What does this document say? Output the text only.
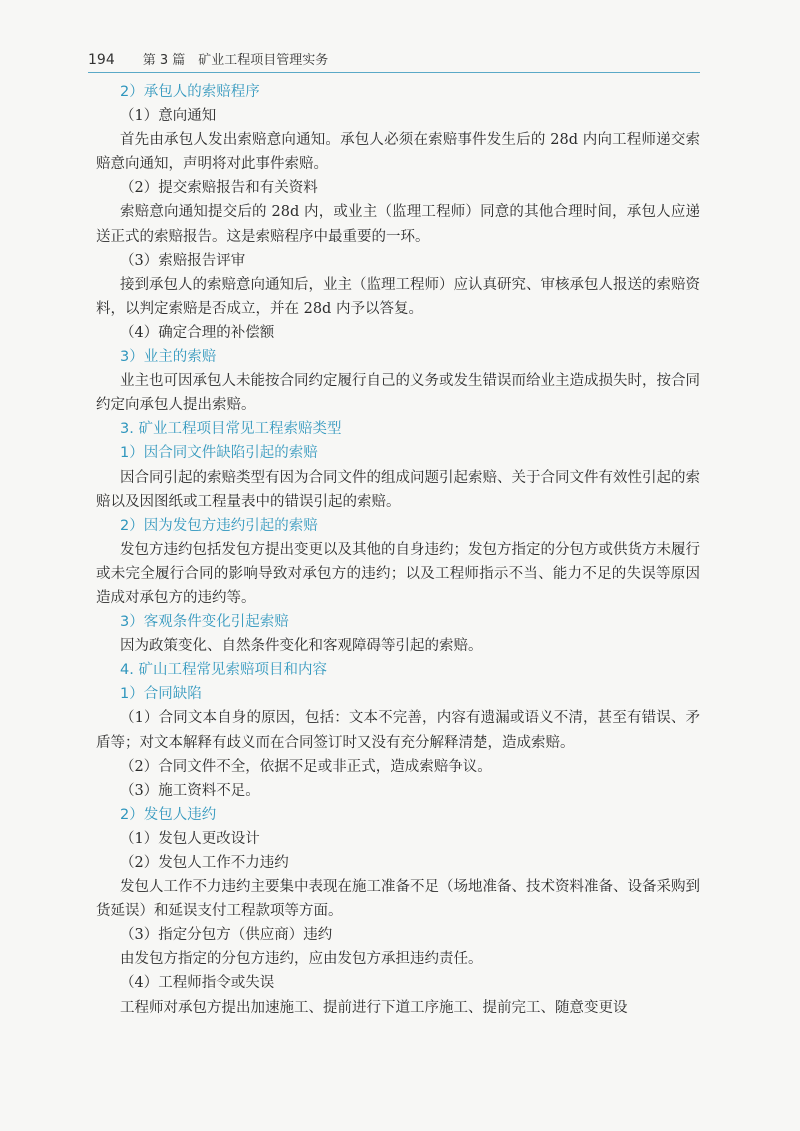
194 第 3 篇　矿业工程项目管理实务
2）承包人的索赔程序
（1）意向通知

首先由承包人发出索赔意向通知。承包人必须在索赔事件发生后的 28d 内向工程师递交索赔意向通知，声明将对此事件索赔。

（2）提交索赔报告和有关资料

索赔意向通知提交后的 28d 内，或业主（监理工程师）同意的其他合理时间，承包人应递送正式的索赔报告。这是索赔程序中最重要的一环。

（3）索赔报告评审

接到承包人的索赔意向通知后，业主（监理工程师）应认真研究、审核承包人报送的索赔资料，以判定索赔是否成立，并在 28d 内予以答复。

（4）确定合理的补偿额
3）业主的索赔

业主也可因承包人未能按合同约定履行自己的义务或发生错误而给业主造成损失时，按合同约定向承包人提出索赔。

3. 矿业工程项目常见工程索赔类型
1）因合同文件缺陷引起的索赔

因合同引起的索赔类型有因为合同文件的组成问题引起索赔、关于合同文件有效性引起的索赔以及因图纸或工程量表中的错误引起的索赔。

2）因为发包方违约引起的索赔

发包方违约包括发包方提出变更以及其他的自身违约；发包方指定的分包方或供货方未履行或未完全履行合同的影响导致对承包方的违约；以及工程师指示不当、能力不足的失误等原因造成对承包方的违约等。

3）客观条件变化引起索赔

因为政策变化、自然条件变化和客观障碍等引起的索赔。

4. 矿山工程常见索赔项目和内容
1）合同缺陷

（1）合同文本自身的原因，包括：文本不完善，内容有遗漏或语义不清，甚至有错误、矛盾等；对文本解释有歧义而在合同签订时又没有充分解释清楚，造成索赔。

（2）合同文件不全，依据不足或非正式，造成索赔争议。
（3）施工资料不足。
2）发包人违约
（1）发包人更改设计
（2）发包人工作不力违约

发包人工作不力违约主要集中表现在施工准备不足（场地准备、技术资料准备、设备采购到货延误）和延误支付工程款项等方面。

（3）指定分包方（供应商）违约

由发包方指定的分包方违约，应由发包方承担违约责任。

（4）工程师指令或失误

工程师对承包方提出加速施工、提前进行下道工序施工、提前完工、随意变更设
